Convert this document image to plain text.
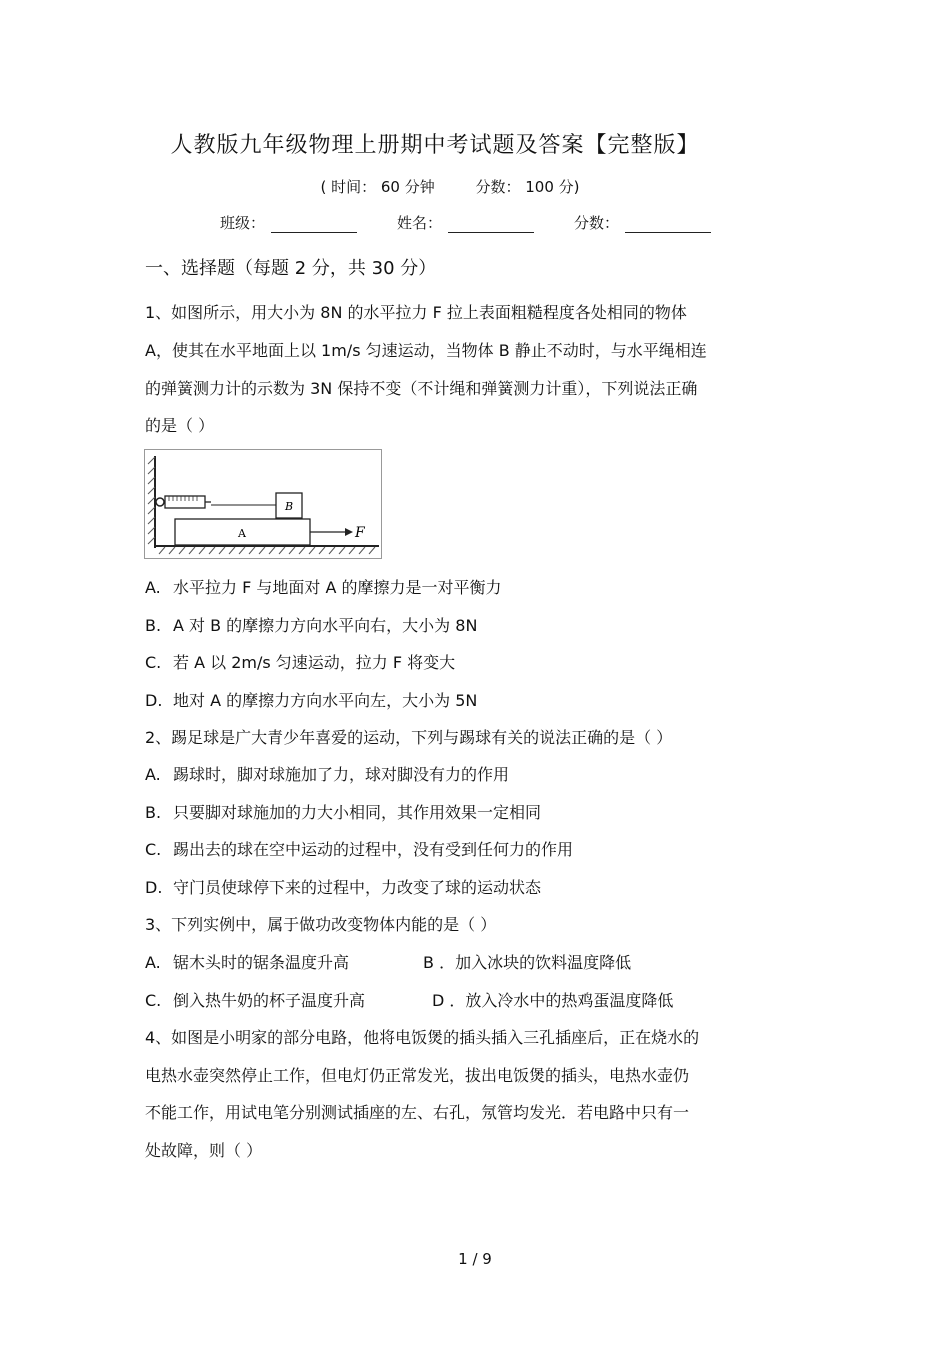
人教版九年级物理上册期中考试题及答案【完整版】
( 时间： 60 分钟	分数： 100 分)
班级：	姓名：	分数：
一、选择题（每题 2 分，共 30 分）
1、如图所示，用大小为 8N 的水平拉力 F 拉上表面粗糙程度各处相同的物体
A，使其在水平地面上以 1m/s 匀速运动，当物体 B 静止不动时，与水平绳相连
的弹簧测力计的示数为 3N 保持不变（不计绳和弹簧测力计重），下列说法正确
的是（ ）
B
A	F
A. 水平拉力 F 与地面对 A 的摩擦力是一对平衡力
B. A 对 B 的摩擦力方向水平向右，大小为 8N
C. 若 A 以 2m/s 匀速运动，拉力 F 将变大
D. 地对 A 的摩擦力方向水平向左，大小为 5N
2、踢足球是广大青少年喜爱的运动，下列与踢球有关的说法正确的是（ ）
A. 踢球时，脚对球施加了力，球对脚没有力的作用
B. 只要脚对球施加的力大小相同，其作用效果一定相同
C. 踢出去的球在空中运动的过程中，没有受到任何力的作用
D. 守门员使球停下来的过程中，力改变了球的运动状态
3、下列实例中，属于做功改变物体内能的是（ ）
A. 锯木头时的锯条温度升高	B ．加入冰块的饮料温度降低
C. 倒入热牛奶的杯子温度升高	D ．放入冷水中的热鸡蛋温度降低
4、如图是小明家的部分电路，他将电饭煲的插头插入三孔插座后，正在烧水的
电热水壶突然停止工作，但电灯仍正常发光，拔出电饭煲的插头，电热水壶仍
不能工作，用试电笔分别测试插座的左、右孔，氖管均发光．若电路中只有一
处故障，则（ ）
1 / 9
